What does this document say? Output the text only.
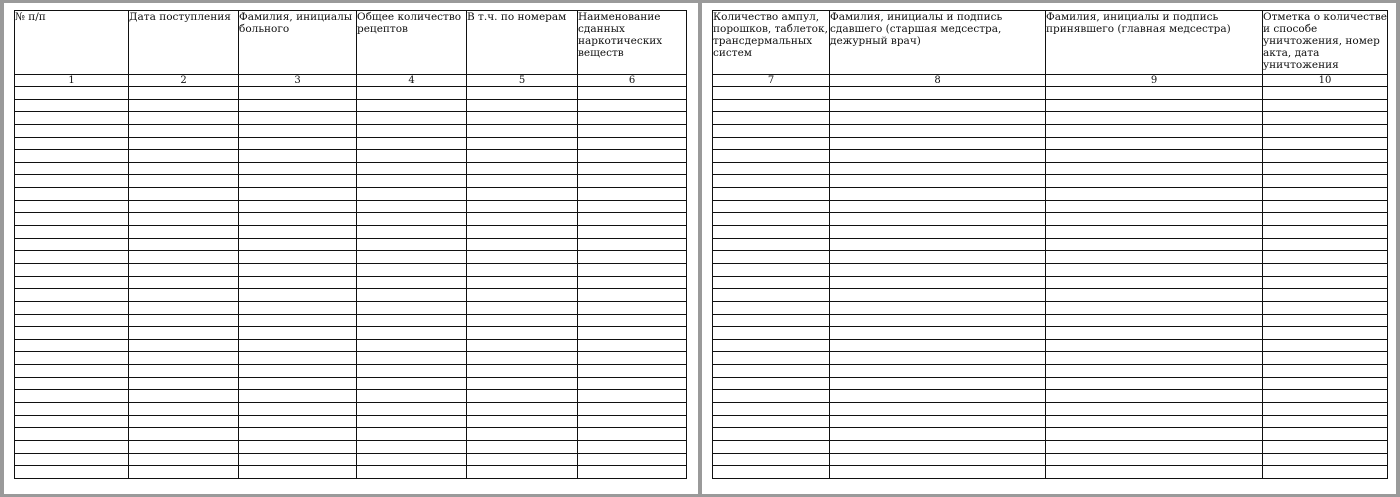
№ п/п	Дата поступления	Фамилия, инициалы больного	Общее количество рецептов	В т.ч. по номерам	Наименование сданных наркотических веществ
1	2	3	4	5	6

Количество ампул, порошков, таблеток, трансдермальных систем	Фамилия, инициалы и подпись сдавшего (старшая медсестра, дежурный врач)	Фамилия, инициалы и подпись принявшего (главная медсестра)	Отметка о количестве и способе уничтожения, номер акта, дата уничтожения
7	8	9	10
